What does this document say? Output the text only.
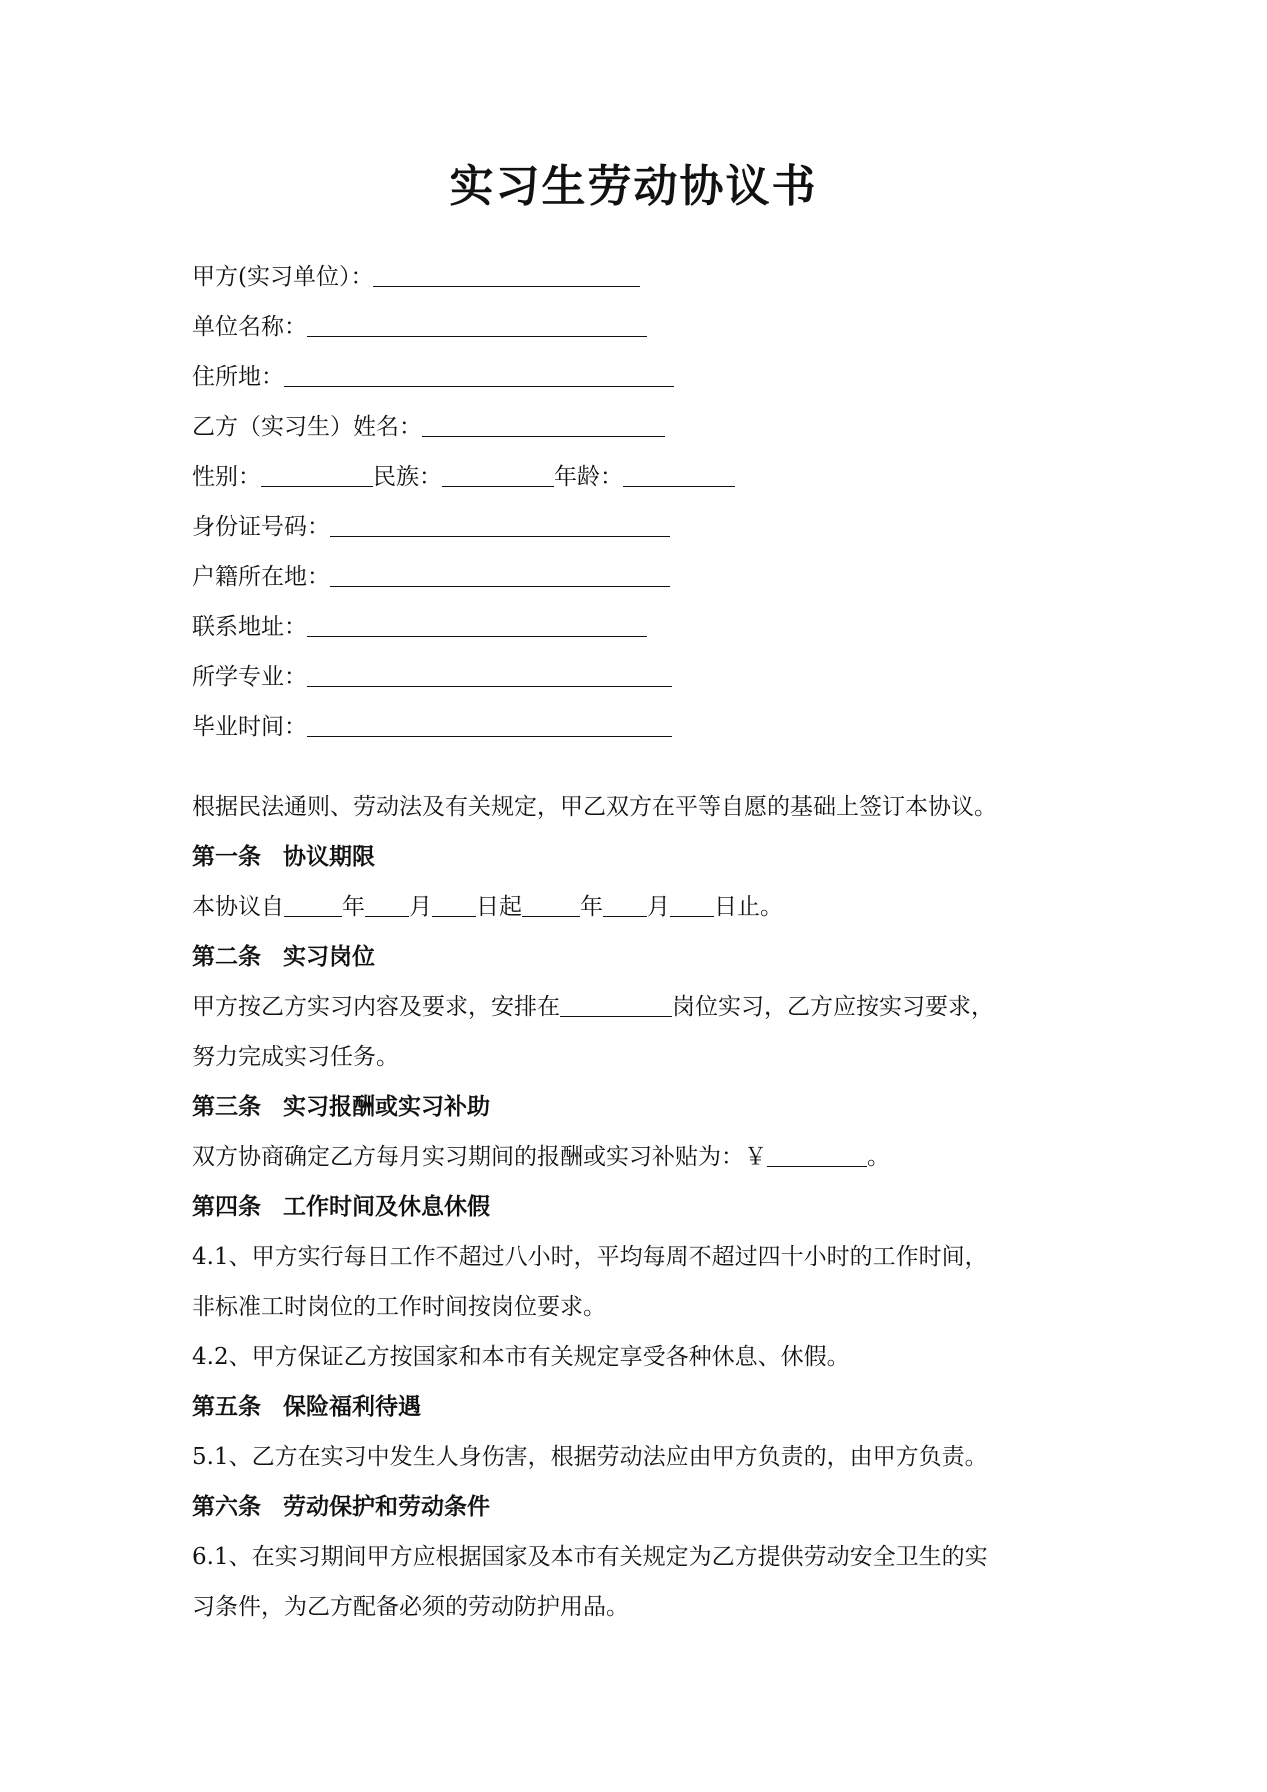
实习生劳动协议书
甲方(实习单位）：
单位名称：
住所地：
乙方（实习生）姓名：
性别：	民族：	年龄：
身份证号码：
户籍所在地：
联系地址：
所学专业：
毕业时间：
根据民法通则、劳动法及有关规定，甲乙双方在平等自愿的基础上签订本协议。
第一条 协议期限
本协议自	年 月 日起	年 月 日止。
第二条 实习岗位
甲方按乙方实习内容及要求，安排在	岗位实习，乙方应按实习要求，
努力完成实习任务。
第三条 实习报酬或实习补助
双方协商确定乙方每月实习期间的报酬或实习补贴为：￥	。
第四条 工作时间及休息休假
4.1、甲方实行每日工作不超过八小时，平均每周不超过四十小时的工作时间，
非标准工时岗位的工作时间按岗位要求。
4.2、甲方保证乙方按国家和本市有关规定享受各种休息、休假。
第五条 保险福利待遇
5.1、乙方在实习中发生人身伤害，根据劳动法应由甲方负责的，由甲方负责。
第六条 劳动保护和劳动条件
6.1、在实习期间甲方应根据国家及本市有关规定为乙方提供劳动安全卫生的实
习条件，为乙方配备必须的劳动防护用品。
